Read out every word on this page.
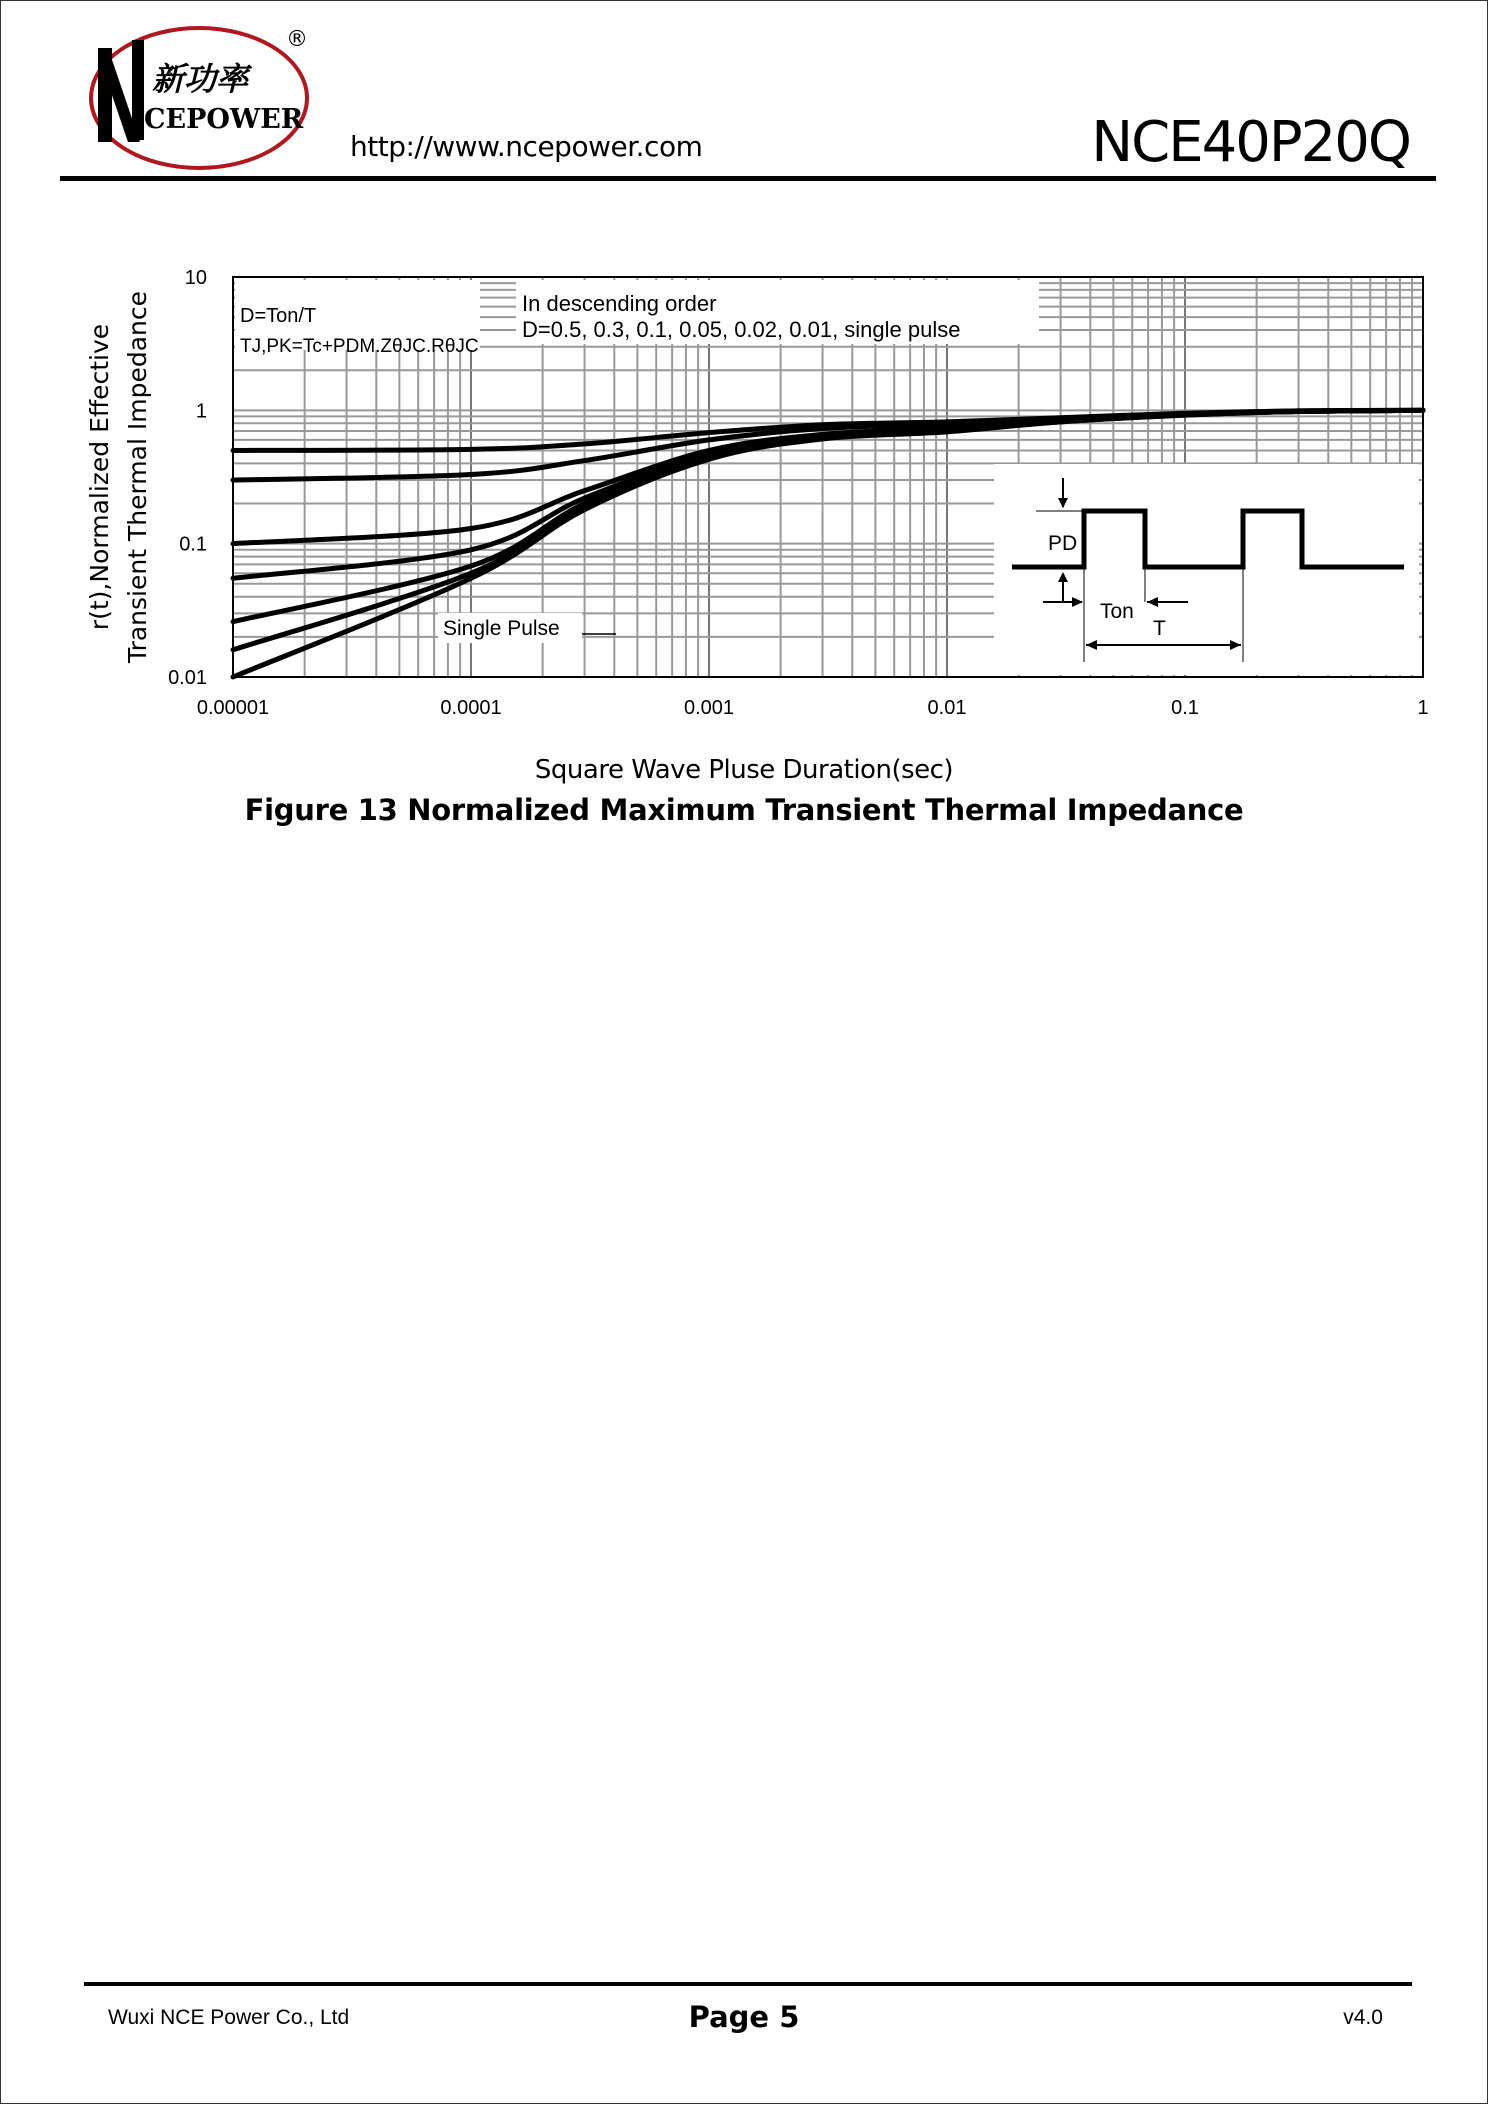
新功率
CEPOWER
®
http://www.ncepower.com	NCE40P20Q
D=Ton/T
TJ,PK=Tc+PDM.ZθJC.RθJC
In descending order
D=0.5, 0.3, 0.1, 0.05, 0.02, 0.01, single pulse
PD
Ton
T
Single Pulse
10
1
0.1
0.01
0.00001	0.0001	0.001	0.01	0.1	1
r(t),Normalized Effective Transient Thermal Impedance
Square Wave Pluse Duration(sec)
Figure 13 Normalized Maximum Transient Thermal Impedance
Wuxi NCE Power Co., Ltd	Page 5	v4.0
